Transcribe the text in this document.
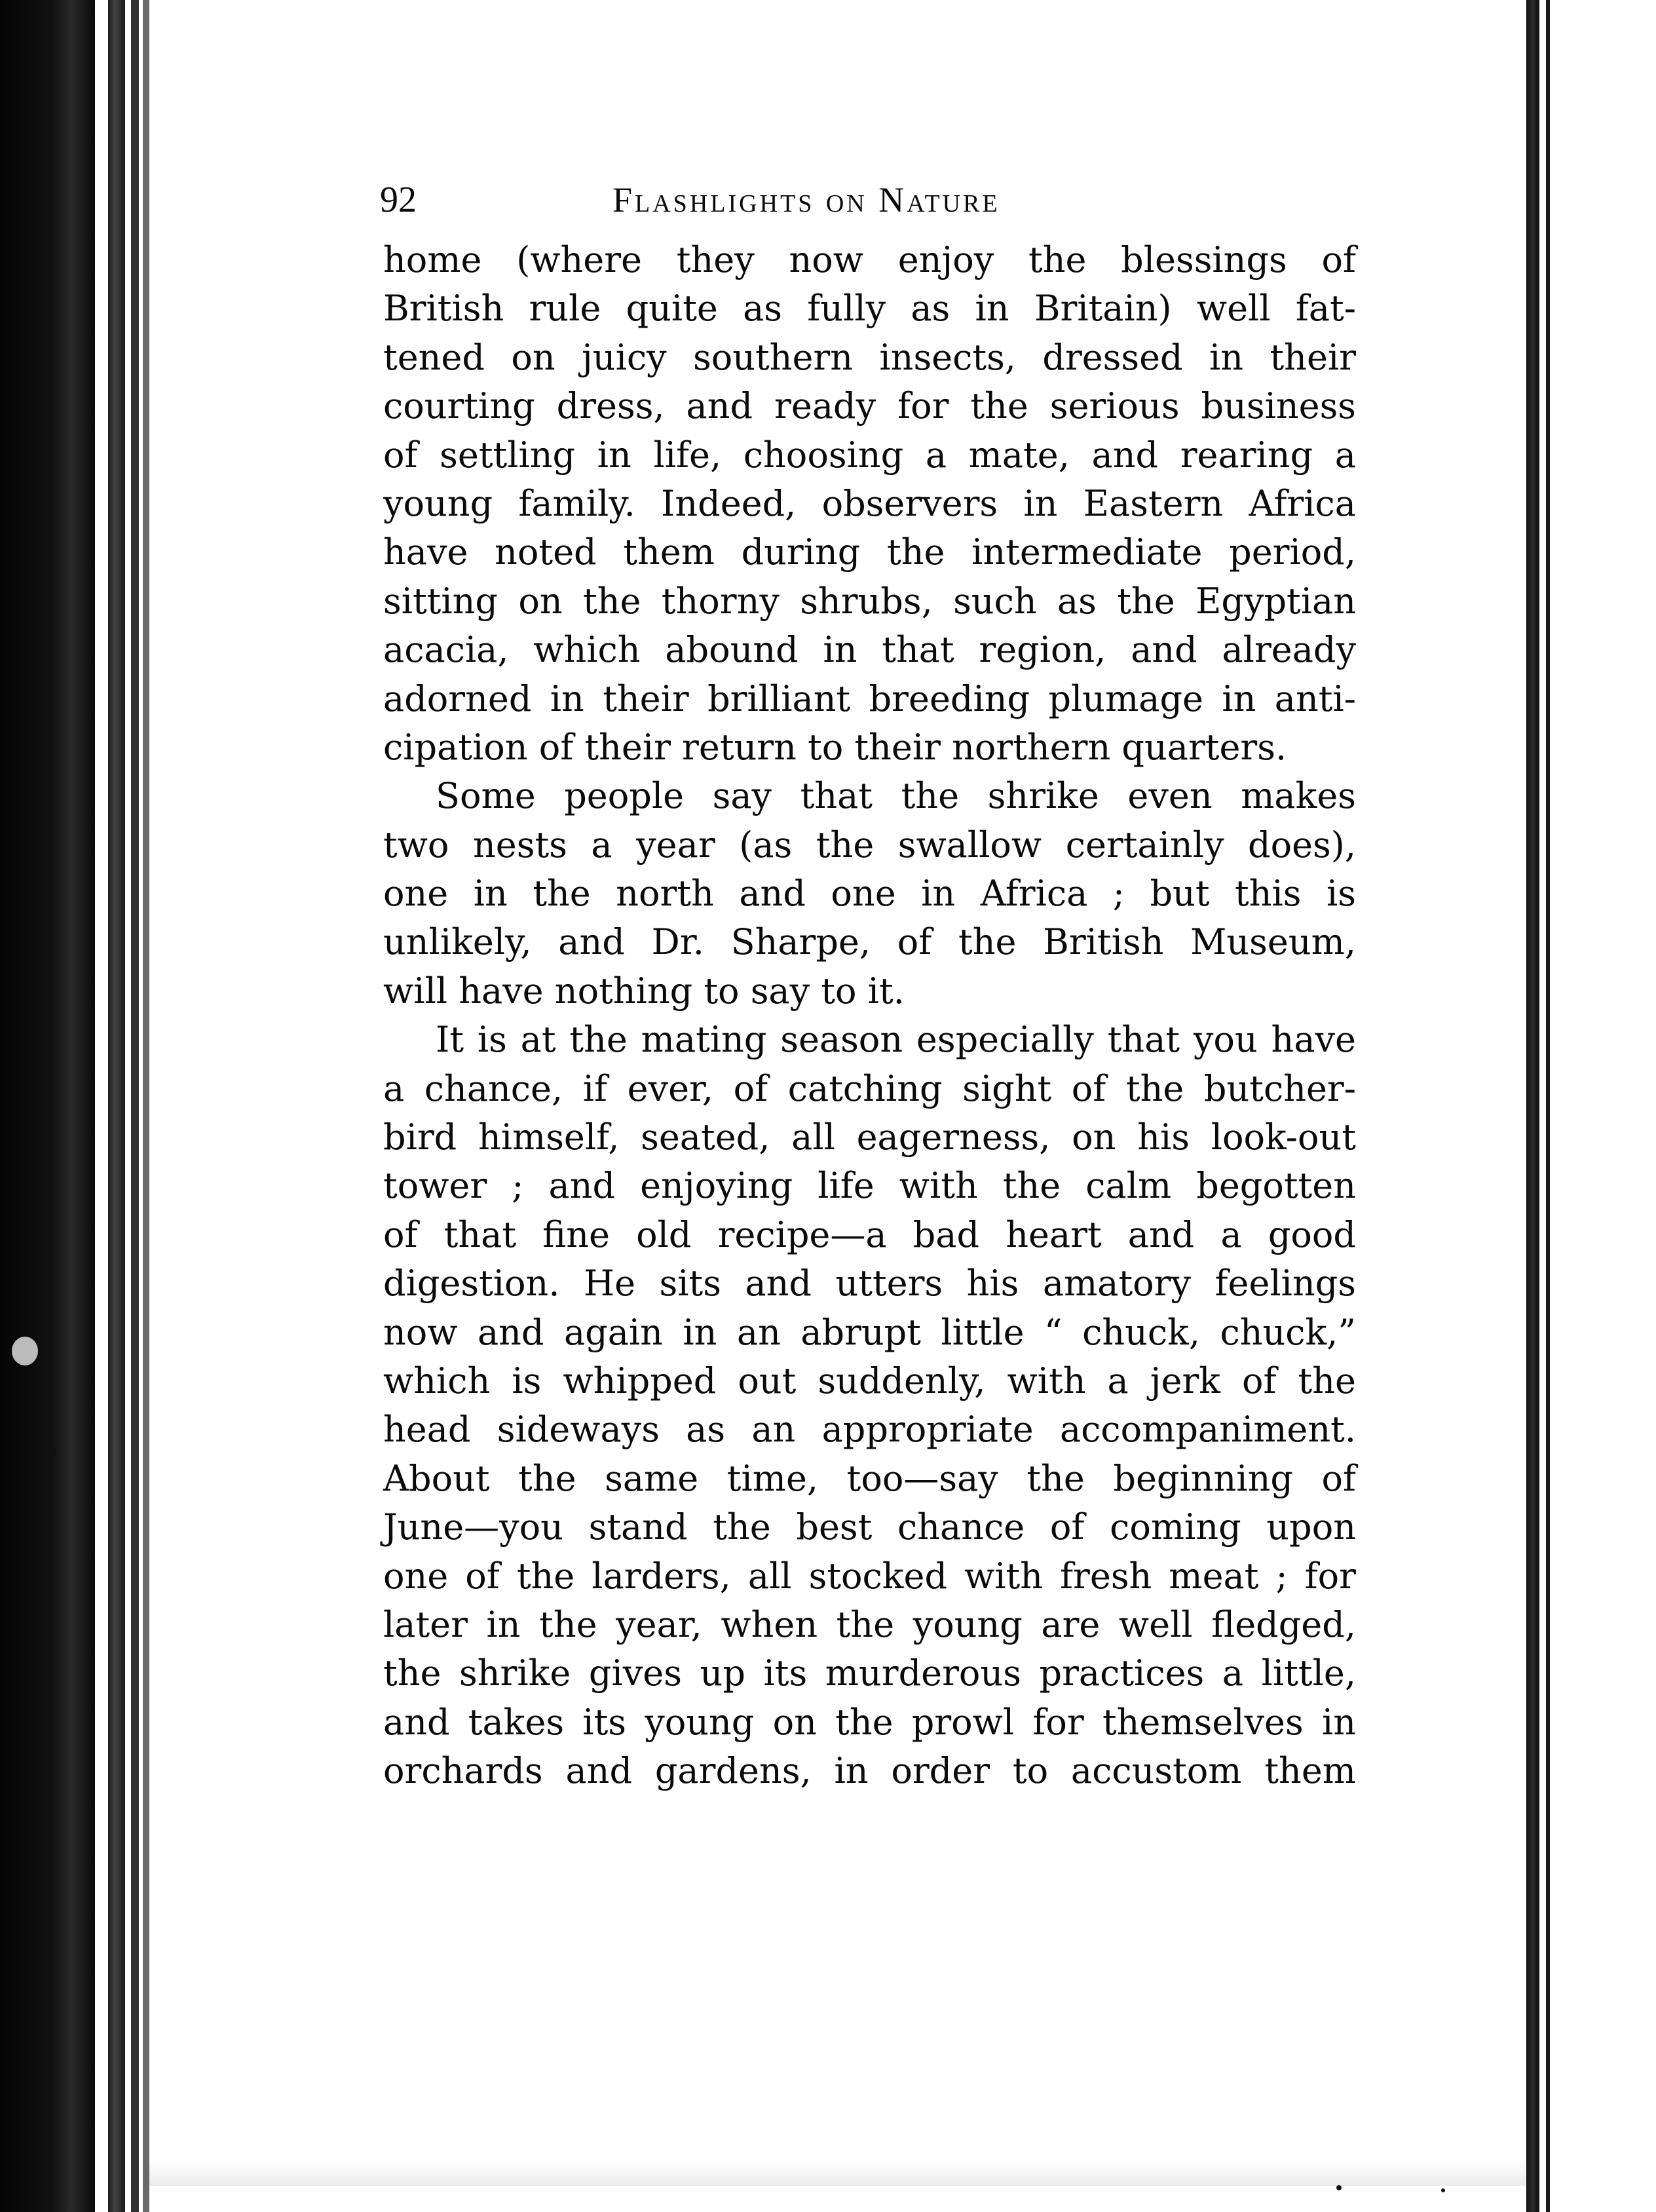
92	Flashlights on Nature
home (where they now enjoy the blessings of
British rule quite as fully as in Britain) well fat-
tened on juicy southern insects, dressed in their
courting dress, and ready for the serious business
of settling in life, choosing a mate, and rearing a
young family. Indeed, observers in Eastern Africa
have noted them during the intermediate period,
sitting on the thorny shrubs, such as the Egyptian
acacia, which abound in that region, and already
adorned in their brilliant breeding plumage in anti-
cipation of their return to their northern quarters.
Some people say that the shrike even makes
two nests a year (as the swallow certainly does),
one in the north and one in Africa ; but this is
unlikely, and Dr. Sharpe, of the British Museum,
will have nothing to say to it.
It is at the mating season especially that you have
a chance, if ever, of catching sight of the butcher-
bird himself, seated, all eagerness, on his look-out
tower ; and enjoying life with the calm begotten
of that fine old recipe—a bad heart and a good
digestion. He sits and utters his amatory feelings
now and again in an abrupt little “ chuck, chuck,”
which is whipped out suddenly, with a jerk of the
head sideways as an appropriate accompaniment.
About the same time, too—say the beginning of
June—you stand the best chance of coming upon
one of the larders, all stocked with fresh meat ; for
later in the year, when the young are well fledged,
the shrike gives up its murderous practices a little,
and takes its young on the prowl for themselves in
orchards and gardens, in order to accustom them
